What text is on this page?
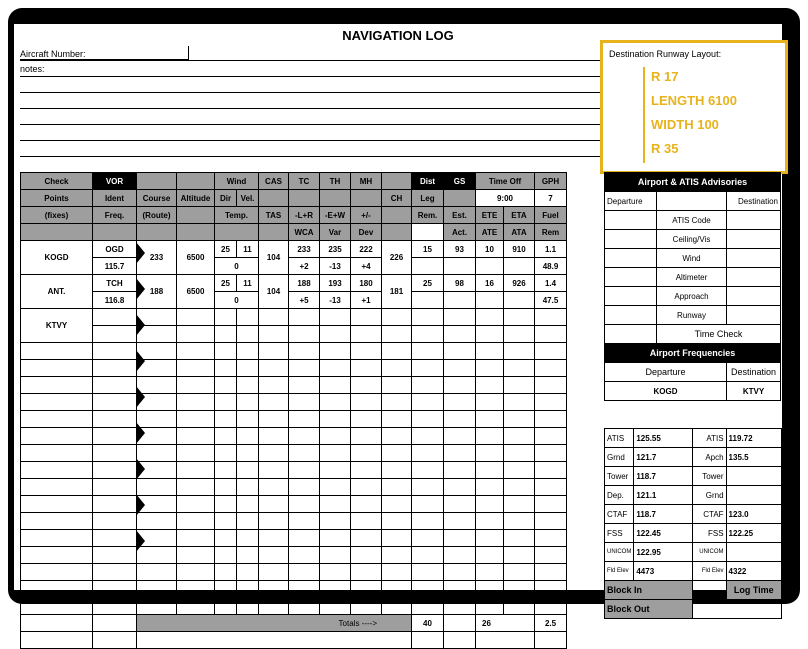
NAVIGATION LOG
Aircraft Number:
notes:
Destination Runway Layout:
R 17
LENGTH 6100
WIDTH 100
R 35
Check	VOR			Wind		CAS	TC	TH	MH		Dist	GS	Time Off		GPH
Points	Ident	Course	Altitude	Dir	Vel.					CH	Leg		9:00		7
(fixes)	Freq.	(Route)		Temp.		TAS	-L+R	-E+W	+/-		Rem.	Est.	ETE	ETA	Fuel
							WCA	Var	Dev			Act.	ATE	ATA	Rem
KOGD	OGD	233	6500	25	11	104	233	235	222	226	15	93	10	910	1.1
	115.7			0			+2	-13	+4						48.9
ANT.	TCH	188	6500	25	11	104	188	193	180	181	25	98	16	926	1.4
	116.8			0			+5	-13	+1						47.5
KTVY															

		Totals ---->									40		26		2.5

Airport & ATIS Advisories		
Departure		Destination
	ATIS Code	
	Ceiling/Vis	
	Wind	
	Altimeter	
	Approach	
	Runway	
	Time Check	
Airport Frequencies		
Departure		Destination
KOGD		KTVY
ATIS	125.55	ATIS	119.72
Grnd	121.7	Apch	135.5
Tower	118.7	Tower	
Dep.	121.1	Grnd	
CTAF	118.7	CTAF	123.0
FSS	122.45	FSS	122.25
UNICOM	122.95	UNICOM	
Fld Elev	4473	Fld Elev	4322
Block In			Log Time
Block Out			
